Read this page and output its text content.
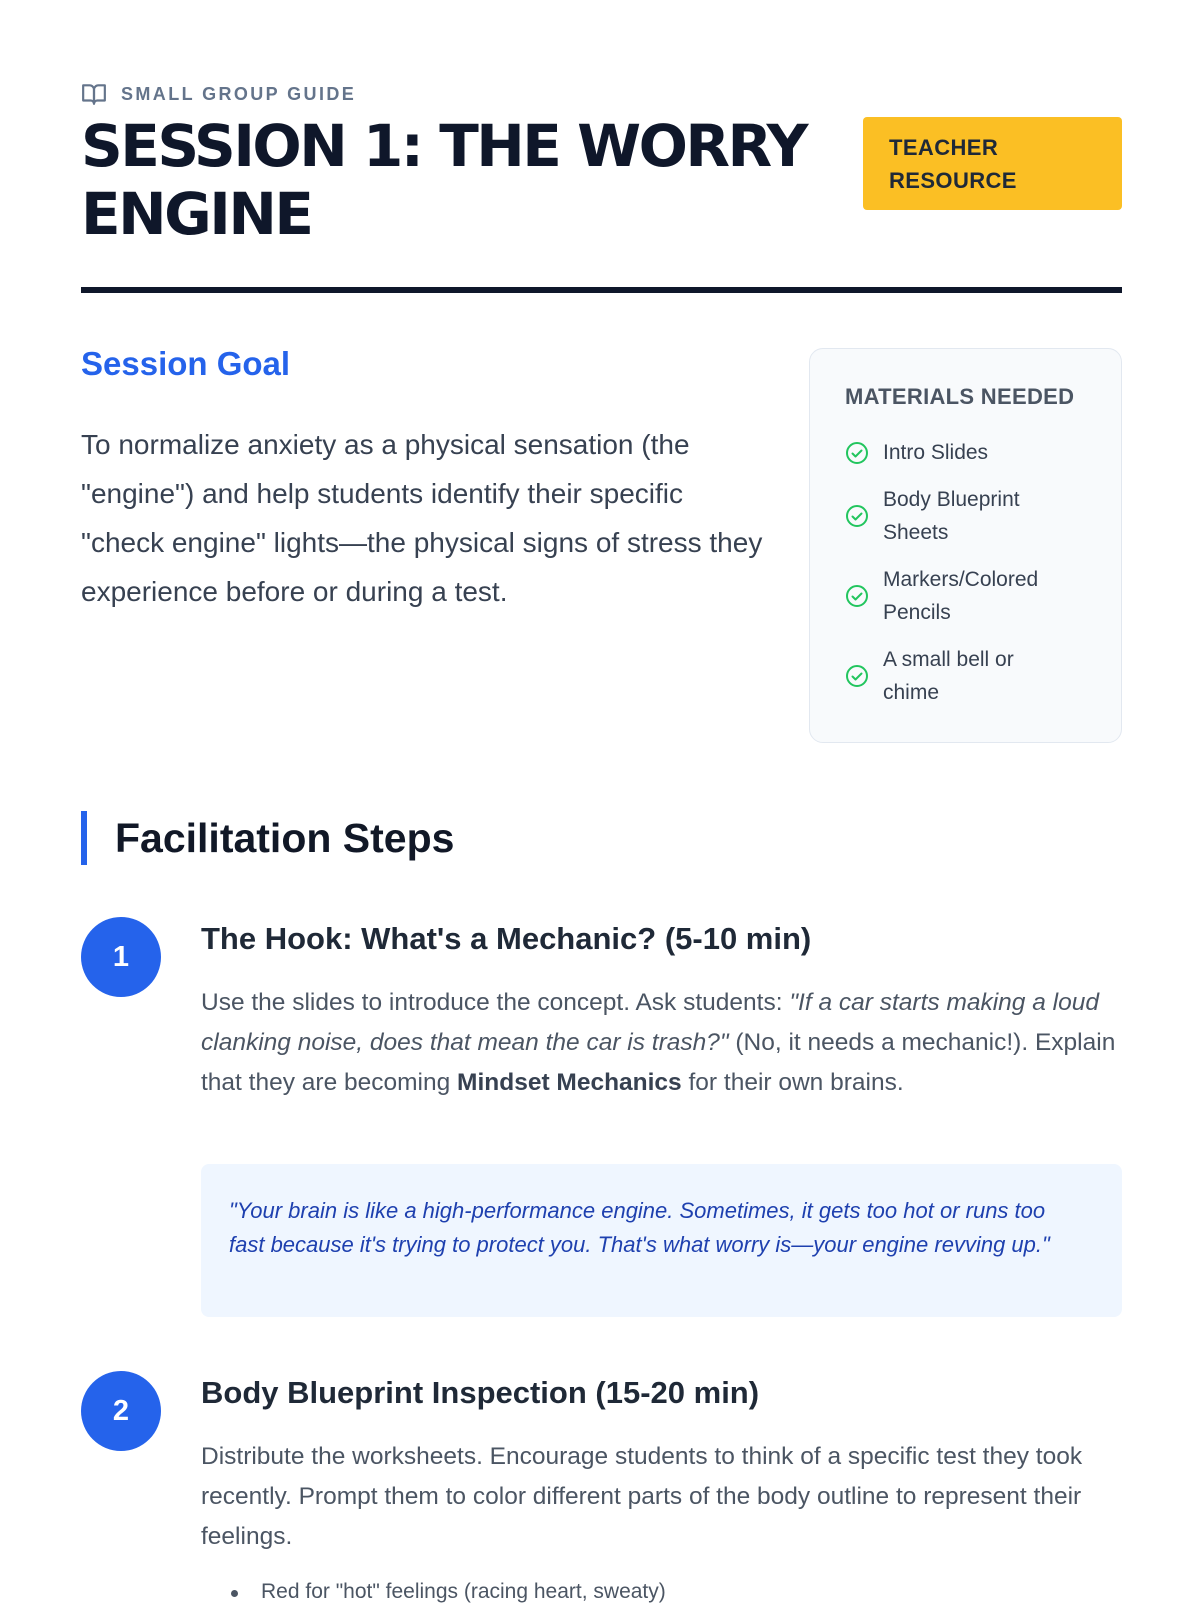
SMALL GROUP GUIDE
SESSION 1: THE WORRY ENGINE
TEACHER RESOURCE
Session Goal

To normalize anxiety as a physical sensation (the "engine") and help students identify their specific "check engine" lights—the physical signs of stress they experience before or during a test.

MATERIALS NEEDED
Intro Slides
Body Blueprint
Sheets
Markers/Colored
Pencils
A small bell or
chime
Facilitation Steps
1
The Hook: What's a Mechanic? (5-10 min)

Use the slides to introduce the concept. Ask students: "If a car starts making a loud clanking noise, does that mean the car is trash?" (No, it needs a mechanic!). Explain that they are becoming Mindset Mechanics for their own brains.

"Your brain is like a high-performance engine. Sometimes, it gets too hot or runs too fast because it's trying to protect you. That's what worry is—your engine revving up."
2
Body Blueprint Inspection (15-20 min)

Distribute the worksheets. Encourage students to think of a specific test they took recently. Prompt them to color different parts of the body outline to represent their feelings.

Red for "hot" feelings (racing heart, sweaty)
